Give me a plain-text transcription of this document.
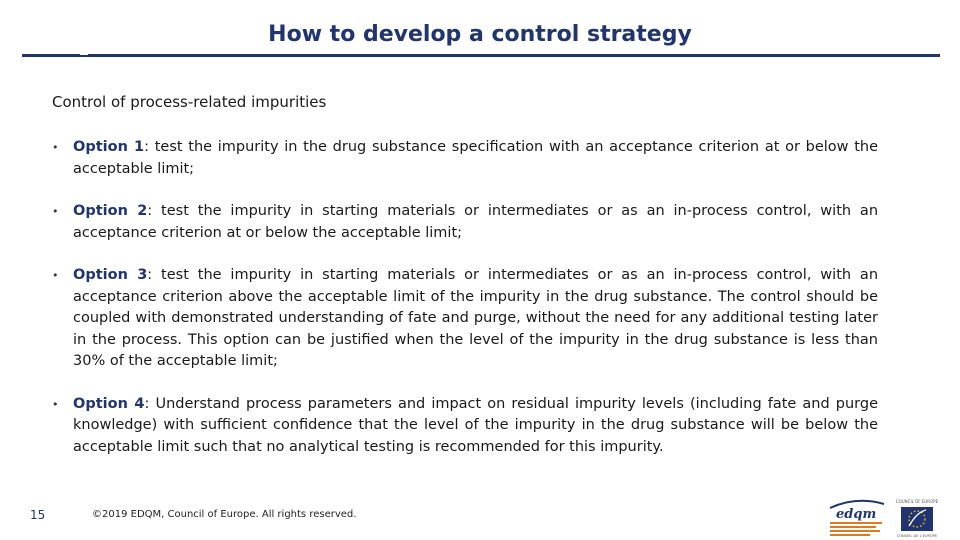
How to develop a control strategy
Control of process-related impurities
• Option 1: test the impurity in the drug substance specification with an acceptance criterion at or below the acceptable limit;
• Option 2: test the impurity in starting materials or intermediates or as an in-process control, with an acceptance criterion at or below the acceptable limit;
• Option 3: test the impurity in starting materials or intermediates or as an in-process control, with an acceptance criterion above the acceptable limit of the impurity in the drug substance. The control should be coupled with demonstrated understanding of fate and purge, without the need for any additional testing later in the process. This option can be justified when the level of the impurity in the drug substance is less than 30% of the acceptable limit;
• Option 4: Understand process parameters and impact on residual impurity levels (including fate and purge knowledge) with sufficient confidence that the level of the impurity in the drug substance will be below the acceptable limit such that no analytical testing is recommended for this impurity.
15	©2019 EDQM, Council of Europe. All rights reserved.	edqm
COUNCIL OF EUROPE
CONSEIL DE L'EUROPE
